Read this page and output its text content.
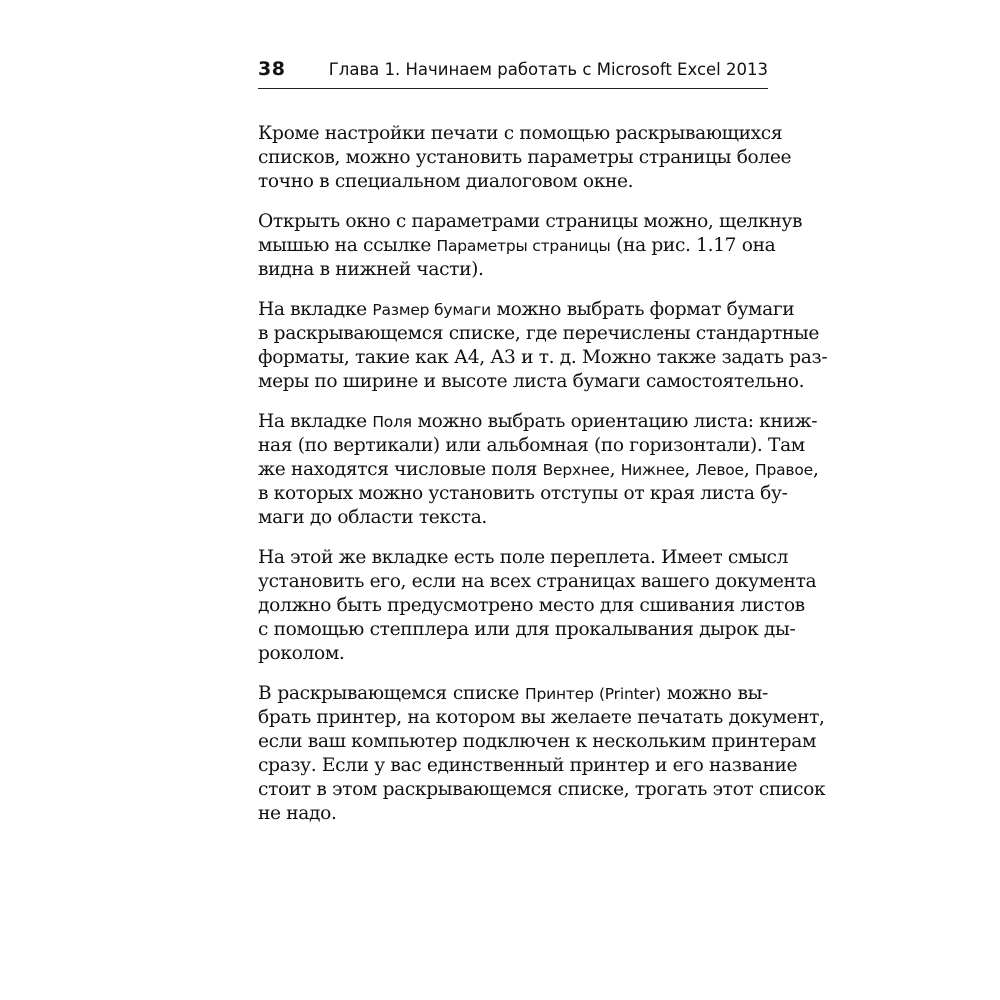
38	Глава 1. Начинаем работать с Microsoft Excel 2013

Кроме настройки печати с помощью раскрывающихся
списков, можно установить параметры страницы более
точно в специальном диалоговом окне.

Открыть окно с параметрами страницы можно, щелкнув
мышью на ссылке Параметры страницы (на рис. 1.17 она
видна в нижней части).

На вкладке Размер бумаги можно выбрать формат бумаги
в раскрывающемся списке, где перечислены стандартные
форматы, такие как А4, А3 и т. д. Можно также задать раз-
меры по ширине и высоте листа бумаги самостоятельно.

На вкладке Поля можно выбрать ориентацию листа: книж-
ная (по вертикали) или альбомная (по горизонтали). Там
же находятся числовые поля Верхнее, Нижнее, Левое, Правое,
в которых можно установить отступы от края листа бу-
маги до области текста.

На этой же вкладке есть поле переплета. Имеет смысл
установить его, если на всех страницах вашего документа
должно быть предусмотрено место для сшивания листов
с помощью степплера или для прокалывания дырок ды-
роколом.

В раскрывающемся списке Принтер (Printer) можно вы-
брать принтер, на котором вы желаете печатать документ,
если ваш компьютер подключен к нескольким принтерам
сразу. Если у вас единственный принтер и его название
стоит в этом раскрывающемся списке, трогать этот список
не надо.
